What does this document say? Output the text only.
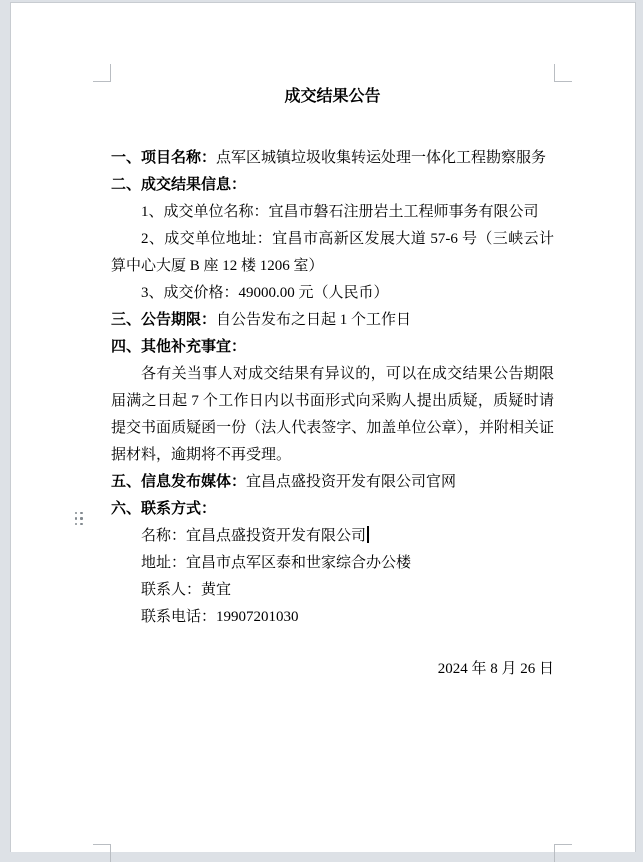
成交结果公告

一、项目名称：点军区城镇垃圾收集转运处理一体化工程勘察服务

二、成交结果信息：

1、成交单位名称：宜昌市磐石注册岩土工程师事务有限公司

2、成交单位地址：宜昌市高新区发展大道 57-6 号（三峡云计算中心大厦 B 座 12 楼 1206 室）

3、成交价格：49000.00 元（人民币）

三、公告期限：自公告发布之日起 1 个工作日

四、其他补充事宜：

各有关当事人对成交结果有异议的，可以在成交结果公告期限届满之日起 7 个工作日内以书面形式向采购人提出质疑，质疑时请提交书面质疑函一份（法人代表签字、加盖单位公章），并附相关证据材料，逾期将不再受理。

五、信息发布媒体：宜昌点盛投资开发有限公司官网

六、联系方式：

名称：宜昌点盛投资开发有限公司

地址：宜昌市点军区泰和世家综合办公楼

联系人：黄宜

联系电话：19907201030

2024 年 8 月 26 日
